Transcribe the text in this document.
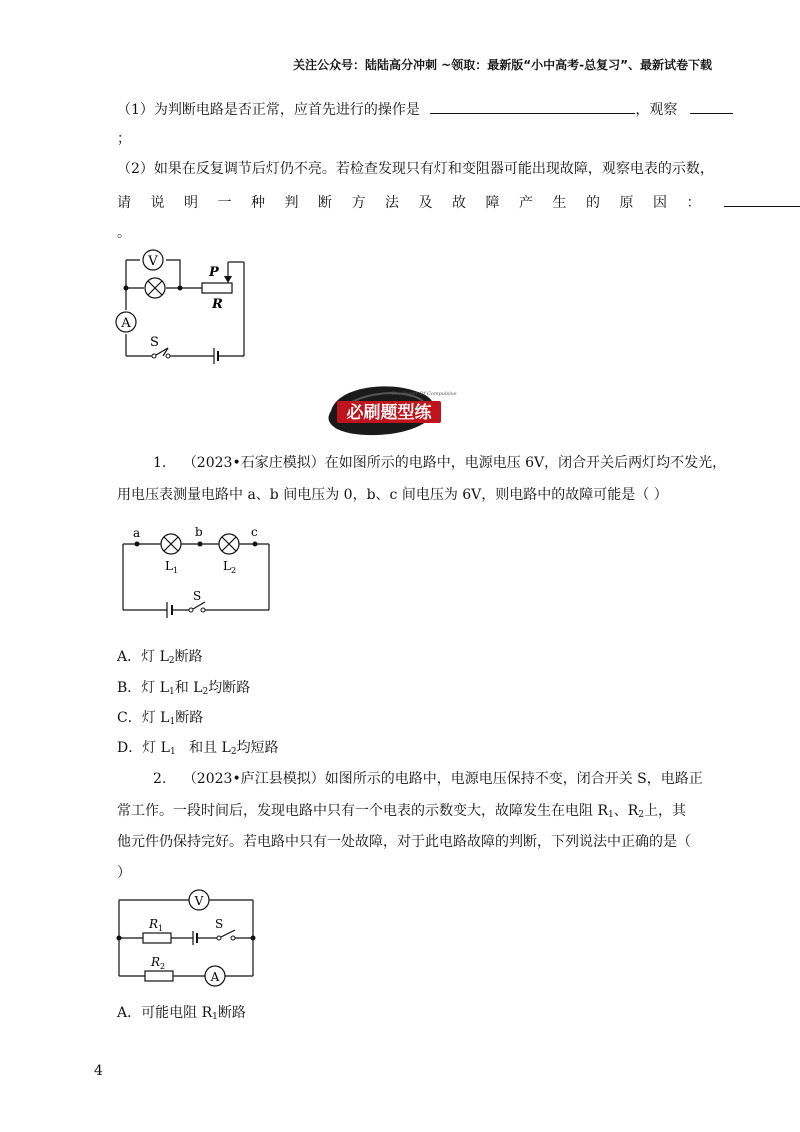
关注公众号：陆陆高分冲刺 ~领取：最新版“小中高考-总复习”、最新试卷下载
（1）为判断电路是否正常，应首先进行的操作是	，观察
；
（2）如果在反复调节后灯仍不亮。若检查发现只有灯和变阻器可能出现故障，观察电表的示数，
请说明一种判断方法及故障产生的原因：
。
V
P
R
A
S
The Power Of Compulsive
必刷题型练
1. （2023•石家庄模拟）在如图所示的电路中，电源电压 6V，闭合开关后两灯均不发光，
用电压表测量电路中 a、b 间电压为 0，b、c 间电压为 6V，则电路中的故障可能是（ ）
a	b	c
$L_1$	$L_2$
S
A．灯 $L_2$断路
B．灯 $L_1$和 $L_2$均断路
C．灯 $L_1$断路
D．灯 $L_1$   和且 $L_2$均短路
2. （2023•庐江县模拟）如图所示的电路中，电源电压保持不变，闭合开关 S，电路正
常工作。一段时间后，发现电路中只有一个电表的示数变大，故障发生在电阻 $R_1$、$R_2$上，其
他元件仍保持完好。若电路中只有一处故障，对于此电路故障的判断，下列说法中正确的是（
）
V
A
S
$R_1$
$R_2$
A．可能电阻 $R_1$断路
4
